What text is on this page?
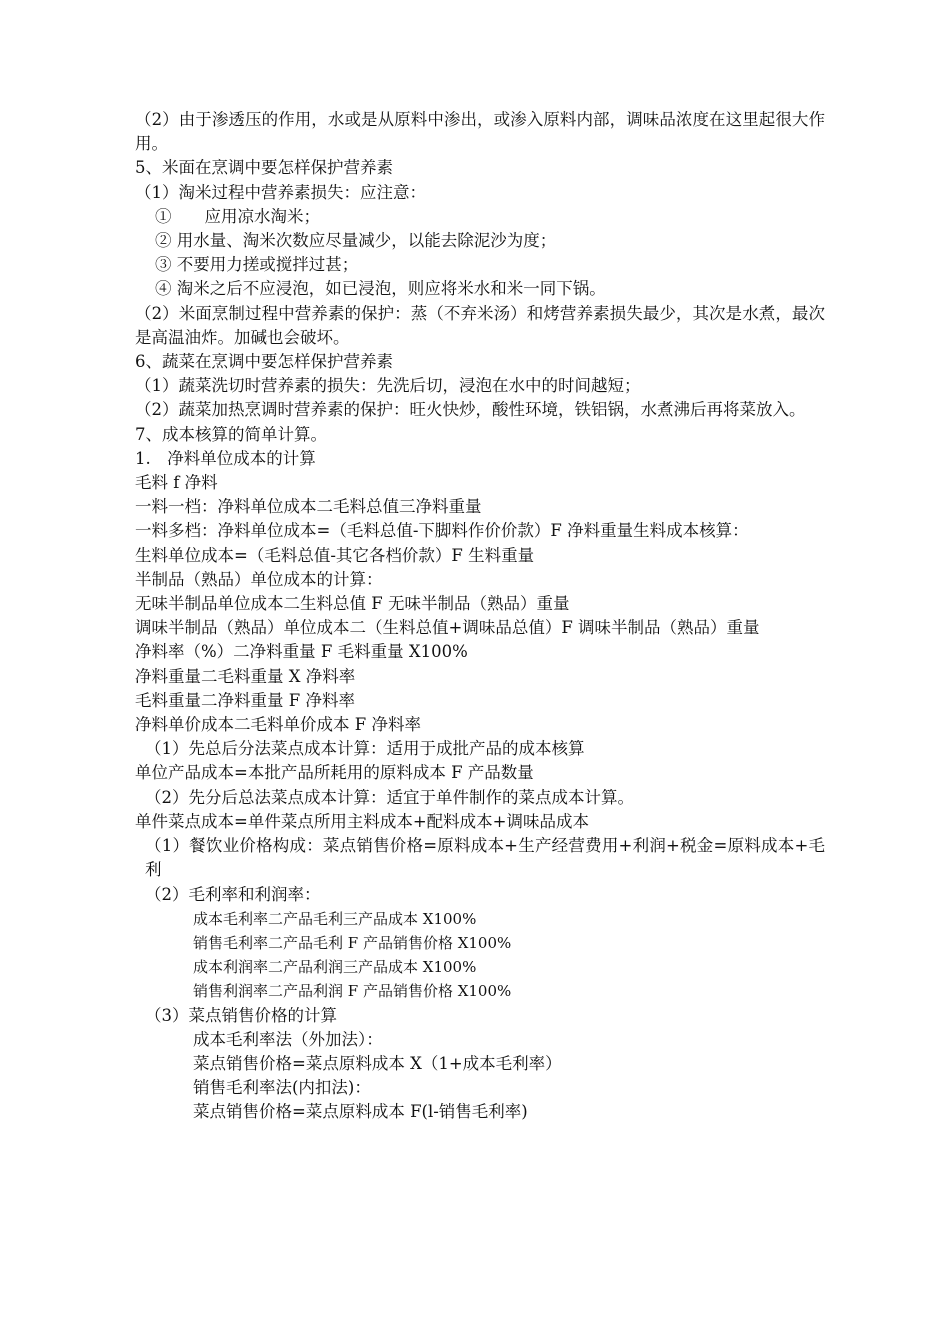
（2）由于渗透压的作用，水或是从原料中渗出，或渗入原料内部，调味品浓度在这里起很大作用。
5、米面在烹调中要怎样保护营养素
（1）淘米过程中营养素损失：应注意：
①　　应用凉水淘米；
② 用水量、淘米次数应尽量减少，以能去除泥沙为度；
③ 不要用力搓或搅拌过甚；
④ 淘米之后不应浸泡，如已浸泡，则应将米水和米一同下锅。
（2）米面烹制过程中营养素的保护：蒸（不弃米汤）和烤营养素损失最少，其次是水煮，最次是高温油炸。加碱也会破坏。
6、蔬菜在烹调中要怎样保护营养素
（1）蔬菜洗切时营养素的损失：先洗后切，浸泡在水中的时间越短；
（2）蔬菜加热烹调时营养素的保护：旺火快炒，酸性环境，铁铝锅，水煮沸后再将菜放入。
7、成本核算的简单计算。
1.　净料单位成本的计算
毛料 f 净料
一料一档：净料单位成本二毛料总值三净料重量
一料多档：净料单位成本=（毛料总值-下脚料作价价款）F 净料重量生料成本核算：
生料单位成本=（毛料总值-其它各档价款）F 生料重量
半制品（熟品）单位成本的计算：
无味半制品单位成本二生料总值 F 无味半制品（熟品）重量
调味半制品（熟品）单位成本二（生料总值+调味品总值）F 调味半制品（熟品）重量
净料率（%）二净料重量 F 毛料重量 X100%
净料重量二毛料重量 X 净料率
毛料重量二净料重量 F 净料率
净料单价成本二毛料单价成本 F 净料率
（1）先总后分法菜点成本计算：适用于成批产品的成本核算
单位产品成本=本批产品所耗用的原料成本 F 产品数量
（2）先分后总法菜点成本计算：适宜于单件制作的菜点成本计算。
单件菜点成本=单件菜点所用主料成本+配料成本+调味品成本
（1）餐饮业价格构成：菜点销售价格=原料成本+生产经营费用+利润+税金=原料成本+毛利
（2）毛利率和利润率：
成本毛利率二产品毛利三产品成本 X100%
销售毛利率二产品毛利 F 产品销售价格 X100%
成本利润率二产品利润三产品成本 X100%
销售利润率二产品利润 F 产品销售价格 X100%
（3）菜点销售价格的计算
成本毛利率法（外加法）：
菜点销售价格=菜点原料成本 X（1+成本毛利率）
销售毛利率法(内扣法)：
菜点销售价格=菜点原料成本 F(l-销售毛利率)
